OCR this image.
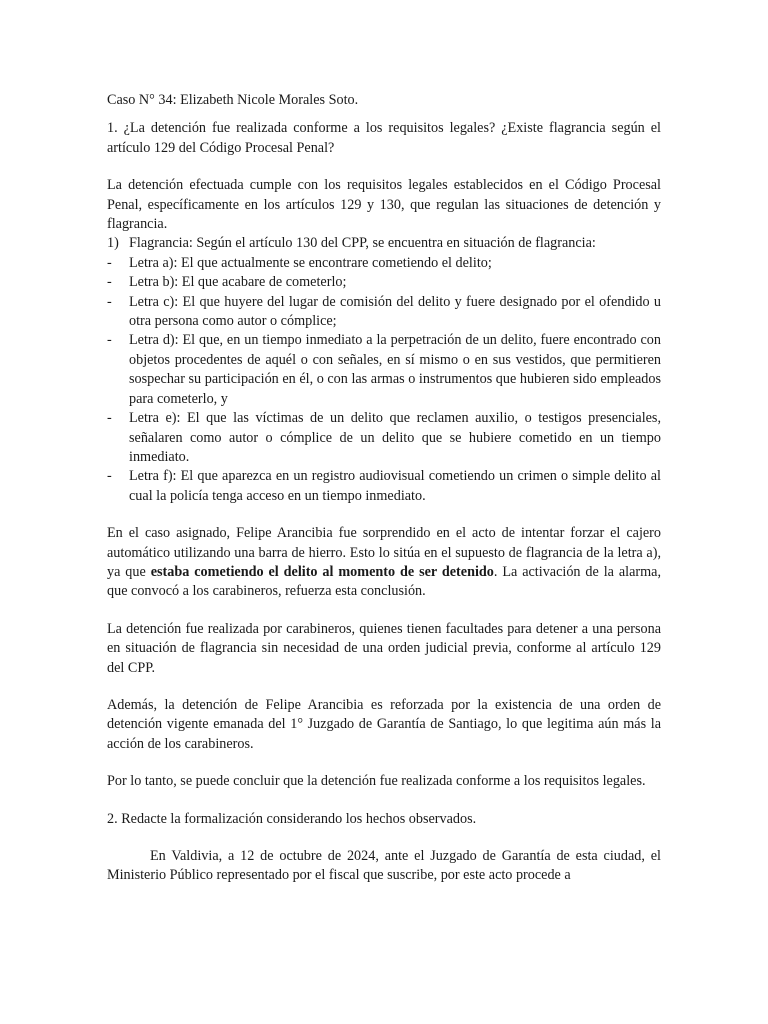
Caso N° 34: Elizabeth Nicole Morales Soto.

1. ¿La detención fue realizada conforme a los requisitos legales? ¿Existe flagrancia según el artículo 129 del Código Procesal Penal?

La detención efectuada cumple con los requisitos legales establecidos en el Código Procesal Penal, específicamente en los artículos 129 y 130, que regulan las situaciones de detención y flagrancia.

1) Flagrancia: Según el artículo 130 del CPP, se encuentra en situación de flagrancia:
- Letra a): El que actualmente se encontrare cometiendo el delito;
- Letra b): El que acabare de cometerlo;
- Letra c): El que huyere del lugar de comisión del delito y fuere designado por el ofendido u otra persona como autor o cómplice;
- Letra d): El que, en un tiempo inmediato a la perpetración de un delito, fuere encontrado con objetos procedentes de aquél o con señales, en sí mismo o en sus vestidos, que permitieren sospechar su participación en él, o con las armas o instrumentos que hubieren sido empleados para cometerlo, y
- Letra e): El que las víctimas de un delito que reclamen auxilio, o testigos presenciales, señalaren como autor o cómplice de un delito que se hubiere cometido en un tiempo inmediato.
- Letra f): El que aparezca en un registro audiovisual cometiendo un crimen o simple delito al cual la policía tenga acceso en un tiempo inmediato.

En el caso asignado, Felipe Arancibia fue sorprendido en el acto de intentar forzar el cajero automático utilizando una barra de hierro. Esto lo sitúa en el supuesto de flagrancia de la letra a), ya que estaba cometiendo el delito al momento de ser detenido. La activación de la alarma, que convocó a los carabineros, refuerza esta conclusión.

La detención fue realizada por carabineros, quienes tienen facultades para detener a una persona en situación de flagrancia sin necesidad de una orden judicial previa, conforme al artículo 129 del CPP.

Además, la detención de Felipe Arancibia es reforzada por la existencia de una orden de detención vigente emanada del 1° Juzgado de Garantía de Santiago, lo que legitima aún más la acción de los carabineros.

Por lo tanto, se puede concluir que la detención fue realizada conforme a los requisitos legales.

2. Redacte la formalización considerando los hechos observados.

En Valdivia, a 12 de octubre de 2024, ante el Juzgado de Garantía de esta ciudad, el Ministerio Público representado por el fiscal que suscribe, por este acto procede a
